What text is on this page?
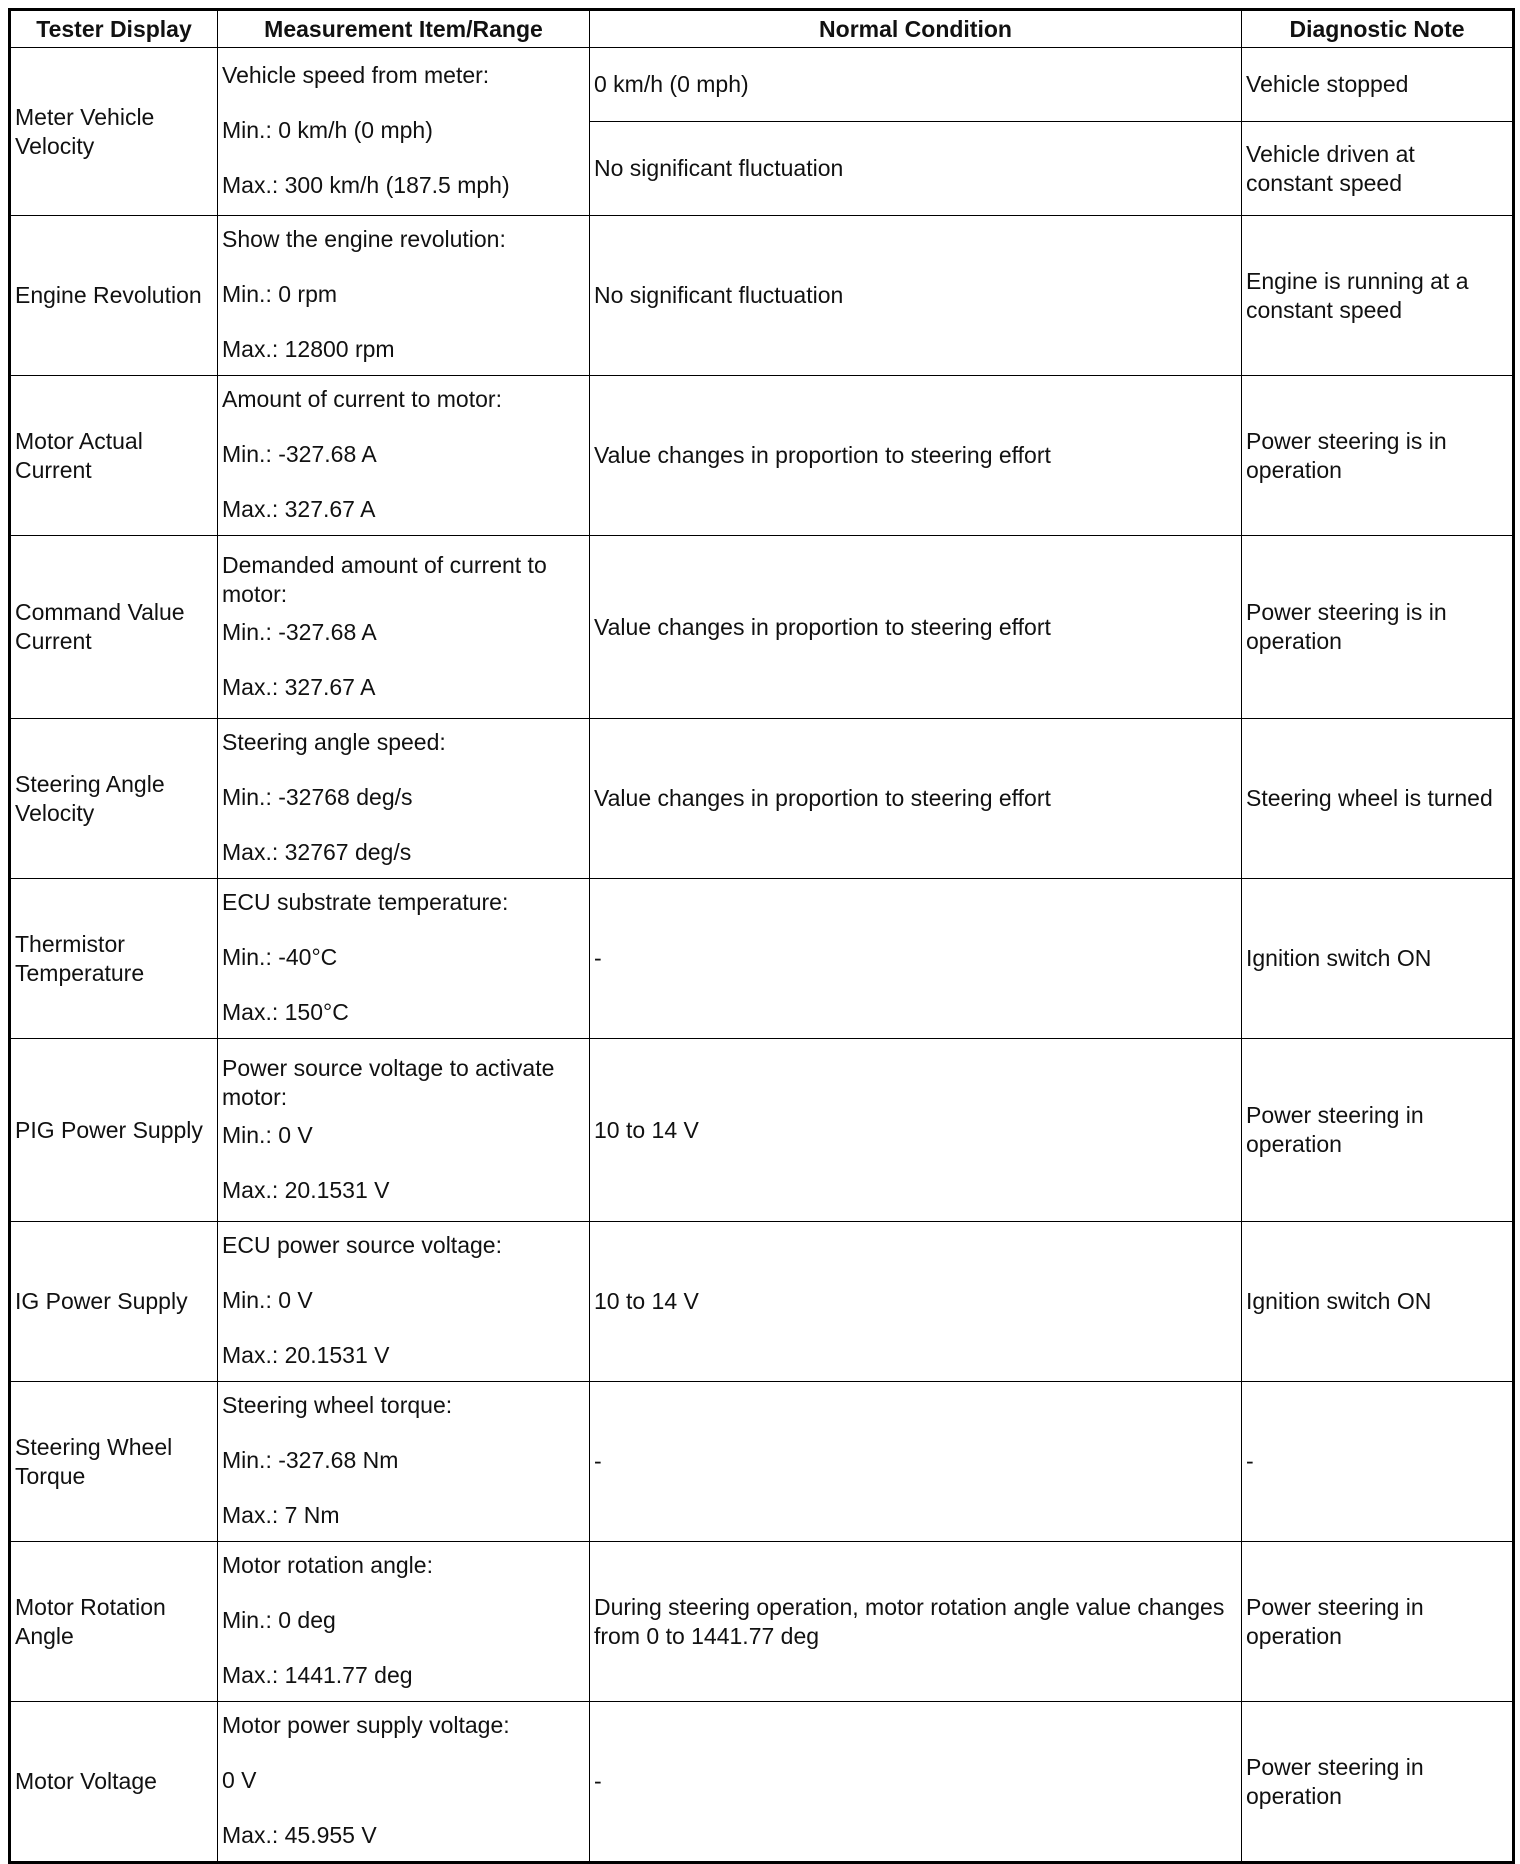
Tester Display	Measurement Item/Range	Normal Condition	Diagnostic Note
Meter Vehicle Velocity	Vehicle speed from meter:
Min.: 0 km/h (0 mph)
Max.: 300 km/h (187.5 mph)	0 km/h (0 mph)	Vehicle stopped
		No significant fluctuation	Vehicle driven at constant speed
Engine Revolution	Show the engine revolution:
Min.: 0 rpm
Max.: 12800 rpm	No significant fluctuation	Engine is running at a constant speed
Motor Actual Current	Amount of current to motor:
Min.: -327.68 A
Max.: 327.67 A	Value changes in proportion to steering effort	Power steering is in operation
Command Value Current	Demanded amount of current to motor:
Min.: -327.68 A
Max.: 327.67 A	Value changes in proportion to steering effort	Power steering is in operation
Steering Angle Velocity	Steering angle speed:
Min.: -32768 deg/s
Max.: 32767 deg/s	Value changes in proportion to steering effort	Steering wheel is turned
Thermistor Temperature	ECU substrate temperature:
Min.: -40°C
Max.: 150°C	-	Ignition switch ON
PIG Power Supply	Power source voltage to activate motor:
Min.: 0 V
Max.: 20.1531 V	10 to 14 V	Power steering in operation
IG Power Supply	ECU power source voltage:
Min.: 0 V
Max.: 20.1531 V	10 to 14 V	Ignition switch ON
Steering Wheel Torque	Steering wheel torque:
Min.: -327.68 Nm
Max.: 7 Nm	-	-
Motor Rotation Angle	Motor rotation angle:
Min.: 0 deg
Max.: 1441.77 deg	During steering operation, motor rotation angle value changes from 0 to 1441.77 deg	Power steering in operation
Motor Voltage	Motor power supply voltage:
0 V
Max.: 45.955 V	-	Power steering in operation
